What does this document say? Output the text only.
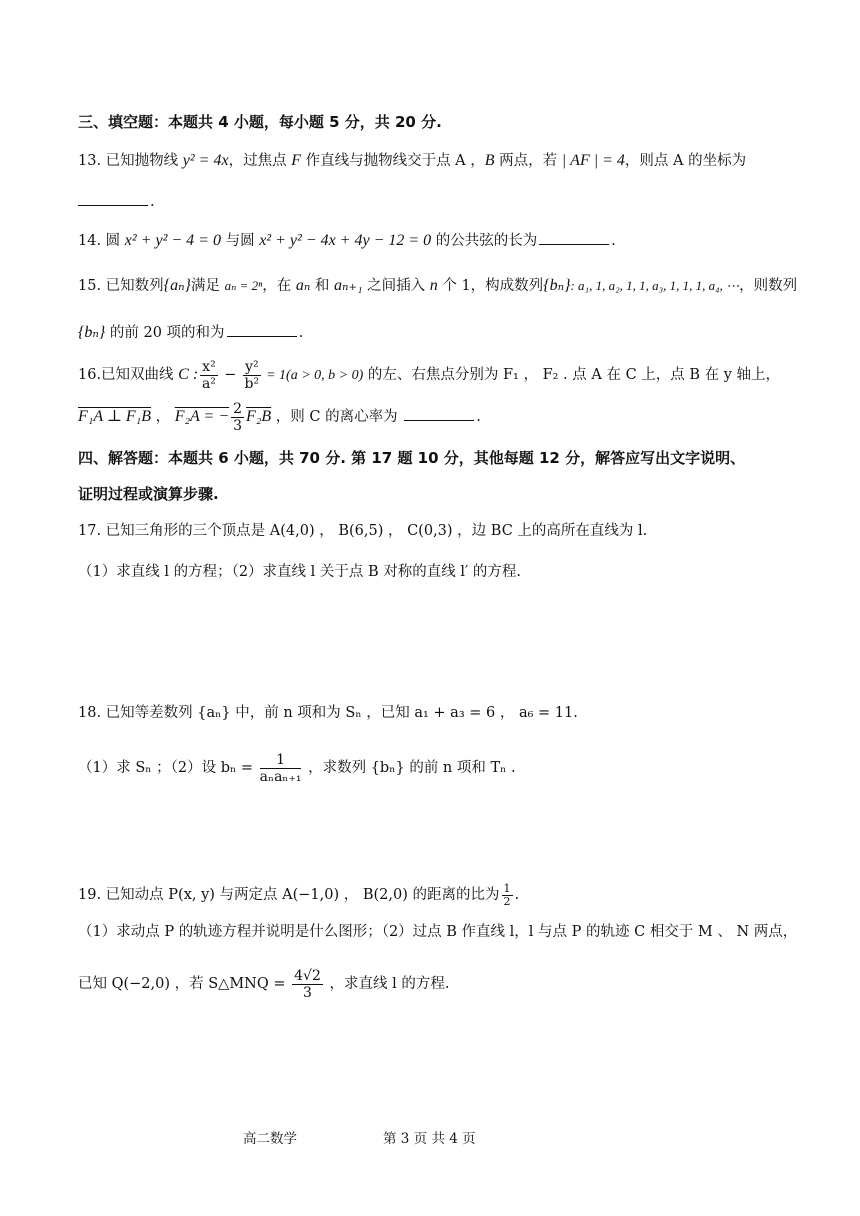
三、填空题：本题共 4 小题，每小题 5 分，共 20 分.
13. 已知抛物线 y² = 4x，过焦点 F 作直线与抛物线交于点 A ，B 两点，若 | AF | = 4，则点 A 的坐标为
.
14. 圆 x² + y² − 4 = 0 与圆 x² + y² − 4x + 4y − 12 = 0 的公共弦的长为	.
15. 已知数列{aₙ}满足 aₙ = 2ⁿ，在 aₙ 和 aₙ₊₁ 之间插入 n 个 1，构成数列{bₙ}: a₁, 1, a₂, 1, 1, a₃, 1, 1, 1, a₄, ⋯，则数列
{bₙ} 的前 20 项的和为	.
16.已知双曲线 C : $\frac{\text{x²}}{\text{a²}} - \frac{\text{y²}}{\text{b²}} = 1(a > 0$, b > 0) 的左、右焦点分别为 F₁ ， F₂ . 点 A 在 C 上，点 B 在 y 轴上，
F₁A ⊥ F₁B ， F₂A = − $\frac{2}{3} F_2B$ ，则 C 的离心率为	.
四、解答题：本题共 6 小题，共 70 分. 第 17 题 10 分，其他每题 12 分，解答应写出文字说明、
证明过程或演算步骤.
17. 已知三角形的三个顶点是 A(4,0) ， B(6,5) ， C(0,3) ，边 BC 上的高所在直线为 l.
（1）求直线 l 的方程；（2）求直线 l 关于点 B 对称的直线 l′ 的方程.
18. 已知等差数列 {aₙ} 中，前 n 项和为 Sₙ ，已知 a₁ + a₃ = 6 ， a₆ = 11.
（1）求 Sₙ ；（2）设 $b_n = \frac{1}{\text{aₙaₙ₊₁}}$ ，求数列 {bₙ} 的前 n 项和 Tₙ .
19. 已知动点 P(x, y) 与两定点 A(−1,0) ， B(2,0) 的距离的比为 $\frac{1}{2}$ .
（1）求动点 P 的轨迹方程并说明是什么图形；（2）过点 B 作直线 l，l 与点 P 的轨迹 C 相交于 M 、 N 两点，
已知 Q(−2,0) ，若 S△MNQ = $\frac{4√2}{3}$ ，求直线 l 的方程.
高二数学	第 3 页 共 4 页
